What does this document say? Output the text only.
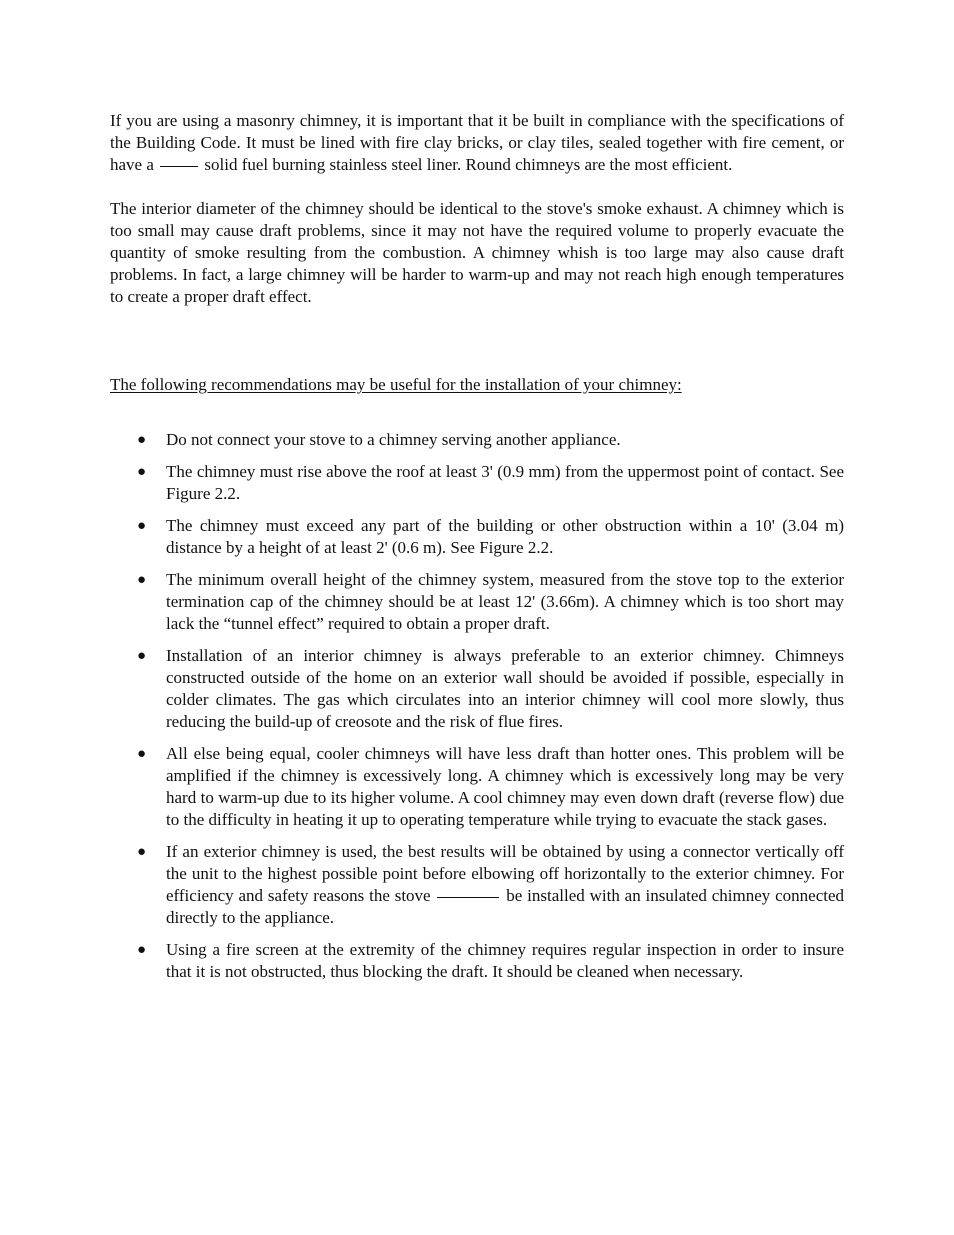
If you are using a masonry chimney, it is important that it be built in compliance with the specifications of the Building Code. It must be lined with fire clay bricks, or clay tiles, sealed together with fire cement, or have a	solid fuel burning stainless steel liner. Round chimneys are the most efficient.

The interior diameter of the chimney should be identical to the stove's smoke exhaust. A chimney which is too small may cause draft problems, since it may not have the required volume to properly evacuate the quantity of smoke resulting from the combustion. A chimney whish is too large may also cause draft problems. In fact, a large chimney will be harder to warm-up and may not reach high enough temperatures to create a proper draft effect.

The following recommendations may be useful for the installation of your chimney:

● Do not connect your stove to a chimney serving another appliance.
● The chimney must rise above the roof at least 3' (0.9 mm) from the uppermost point of contact. See Figure 2.2.
● The chimney must exceed any part of the building or other obstruction within a 10' (3.04 m) distance by a height of at least 2' (0.6 m). See Figure 2.2.
● The minimum overall height of the chimney system, measured from the stove top to the exterior termination cap of the chimney should be at least 12' (3.66m). A chimney which is too short may lack the “tunnel effect” required to obtain a proper draft.
● Installation of an interior chimney is always preferable to an exterior chimney. Chimneys constructed outside of the home on an exterior wall should be avoided if possible, especially in colder climates. The gas which circulates into an interior chimney will cool more slowly, thus reducing the build-up of creosote and the risk of flue fires.
● All else being equal, cooler chimneys will have less draft than hotter ones. This problem will be amplified if the chimney is excessively long. A chimney which is excessively long may be very hard to warm-up due to its higher volume. A cool chimney may even down draft (reverse flow) due to the difficulty in heating it up to operating temperature while trying to evacuate the stack gases.
● If an exterior chimney is used, the best results will be obtained by using a connector vertically off the unit to the highest possible point before elbowing off horizontally to the exterior chimney. For efficiency and safety reasons the stove	be installed with an insulated chimney connected directly to the appliance.
● Using a fire screen at the extremity of the chimney requires regular inspection in order to insure that it is not obstructed, thus blocking the draft. It should be cleaned when necessary.
